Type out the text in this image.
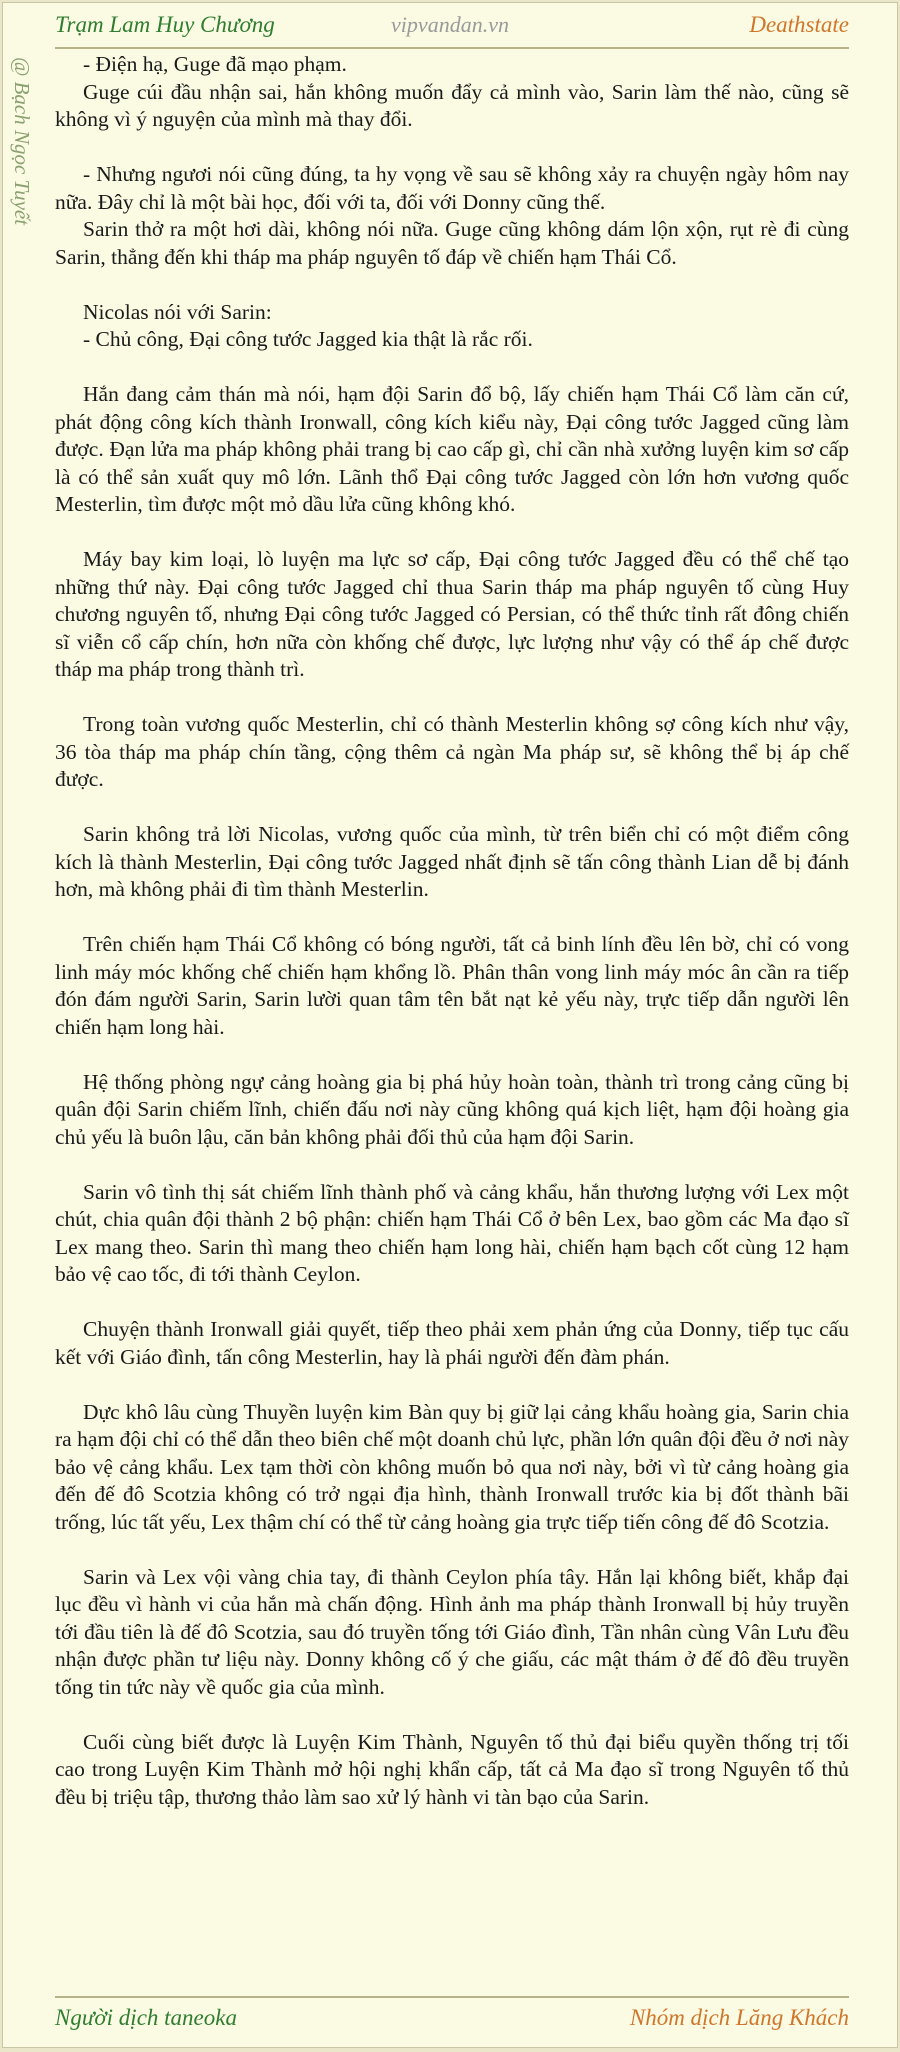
Trạm Lam Huy Chương	vipvandan.vn	Deathstate
@ Bạch Ngọc Tuyết	- Điện hạ, Guge đã mạo phạm.

Guge cúi đầu nhận sai, hắn không muốn đẩy cả mình vào, Sarin làm thế nào, cũng sẽ không vì ý nguyện của mình mà thay đổi.

- Nhưng ngươi nói cũng đúng, ta hy vọng về sau sẽ không xảy ra chuyện ngày hôm nay nữa. Đây chỉ là một bài học, đối với ta, đối với Donny cũng thế.

Sarin thở ra một hơi dài, không nói nữa. Guge cũng không dám lộn xộn, rụt rè đi cùng Sarin, thẳng đến khi tháp ma pháp nguyên tố đáp về chiến hạm Thái Cổ.

Nicolas nói với Sarin:

- Chủ công, Đại công tước Jagged kia thật là rắc rối.

Hắn đang cảm thán mà nói, hạm đội Sarin đổ bộ, lấy chiến hạm Thái Cổ làm căn cứ, phát động công kích thành Ironwall, công kích kiểu này, Đại công tước Jagged cũng làm được. Đạn lửa ma pháp không phải trang bị cao cấp gì, chỉ cần nhà xưởng luyện kim sơ cấp là có thể sản xuất quy mô lớn. Lãnh thổ Đại công tước Jagged còn lớn hơn vương quốc Mesterlin, tìm được một mỏ dầu lửa cũng không khó.

Máy bay kim loại, lò luyện ma lực sơ cấp, Đại công tước Jagged đều có thể chế tạo những thứ này. Đại công tước Jagged chỉ thua Sarin tháp ma pháp nguyên tố cùng Huy chương nguyên tố, nhưng Đại công tước Jagged có Persian, có thể thức tỉnh rất đông chiến sĩ viễn cổ cấp chín, hơn nữa còn khống chế được, lực lượng như vậy có thể áp chế được tháp ma pháp trong thành trì.

Trong toàn vương quốc Mesterlin, chỉ có thành Mesterlin không sợ công kích như vậy, 36 tòa tháp ma pháp chín tầng, cộng thêm cả ngàn Ma pháp sư, sẽ không thể bị áp chế được.

Sarin không trả lời Nicolas, vương quốc của mình, từ trên biển chỉ có một điểm công kích là thành Mesterlin, Đại công tước Jagged nhất định sẽ tấn công thành Lian dễ bị đánh hơn, mà không phải đi tìm thành Mesterlin.

Trên chiến hạm Thái Cổ không có bóng người, tất cả binh lính đều lên bờ, chỉ có vong linh máy móc khống chế chiến hạm khổng lồ. Phân thân vong linh máy móc ân cần ra tiếp đón đám người Sarin, Sarin lười quan tâm tên bắt nạt kẻ yếu này, trực tiếp dẫn người lên chiến hạm long hài.

Hệ thống phòng ngự cảng hoàng gia bị phá hủy hoàn toàn, thành trì trong cảng cũng bị quân đội Sarin chiếm lĩnh, chiến đấu nơi này cũng không quá kịch liệt, hạm đội hoàng gia chủ yếu là buôn lậu, căn bản không phải đối thủ của hạm đội Sarin.

Sarin vô tình thị sát chiếm lĩnh thành phố và cảng khẩu, hắn thương lượng với Lex một chút, chia quân đội thành 2 bộ phận: chiến hạm Thái Cổ ở bên Lex, bao gồm các Ma đạo sĩ Lex mang theo. Sarin thì mang theo chiến hạm long hài, chiến hạm bạch cốt cùng 12 hạm bảo vệ cao tốc, đi tới thành Ceylon.

Chuyện thành Ironwall giải quyết, tiếp theo phải xem phản ứng của Donny, tiếp tục cấu kết với Giáo đình, tấn công Mesterlin, hay là phái người đến đàm phán.

Dực khô lâu cùng Thuyền luyện kim Bàn quy bị giữ lại cảng khẩu hoàng gia, Sarin chia ra hạm đội chỉ có thể dẫn theo biên chế một doanh chủ lực, phần lớn quân đội đều ở nơi này bảo vệ cảng khẩu. Lex tạm thời còn không muốn bỏ qua nơi này, bởi vì từ cảng hoàng gia đến đế đô Scotzia không có trở ngại địa hình, thành Ironwall trước kia bị đốt thành bãi trống, lúc tất yếu, Lex thậm chí có thể từ cảng hoàng gia trực tiếp tiến công đế đô Scotzia.

Sarin và Lex vội vàng chia tay, đi thành Ceylon phía tây. Hắn lại không biết, khắp đại lục đều vì hành vi của hắn mà chấn động. Hình ảnh ma pháp thành Ironwall bị hủy truyền tới đầu tiên là đế đô Scotzia, sau đó truyền tống tới Giáo đình, Tần nhân cùng Vân Lưu đều nhận được phần tư liệu này. Donny không cố ý che giấu, các mật thám ở đế đô đều truyền tống tin tức này về quốc gia của mình.

Cuối cùng biết được là Luyện Kim Thành, Nguyên tố thủ đại biểu quyền thống trị tối cao trong Luyện Kim Thành mở hội nghị khẩn cấp, tất cả Ma đạo sĩ trong Nguyên tố thủ đều bị triệu tập, thương thảo làm sao xử lý hành vi tàn bạo của Sarin.

Người dịch taneoka	Nhóm dịch Lăng Khách
